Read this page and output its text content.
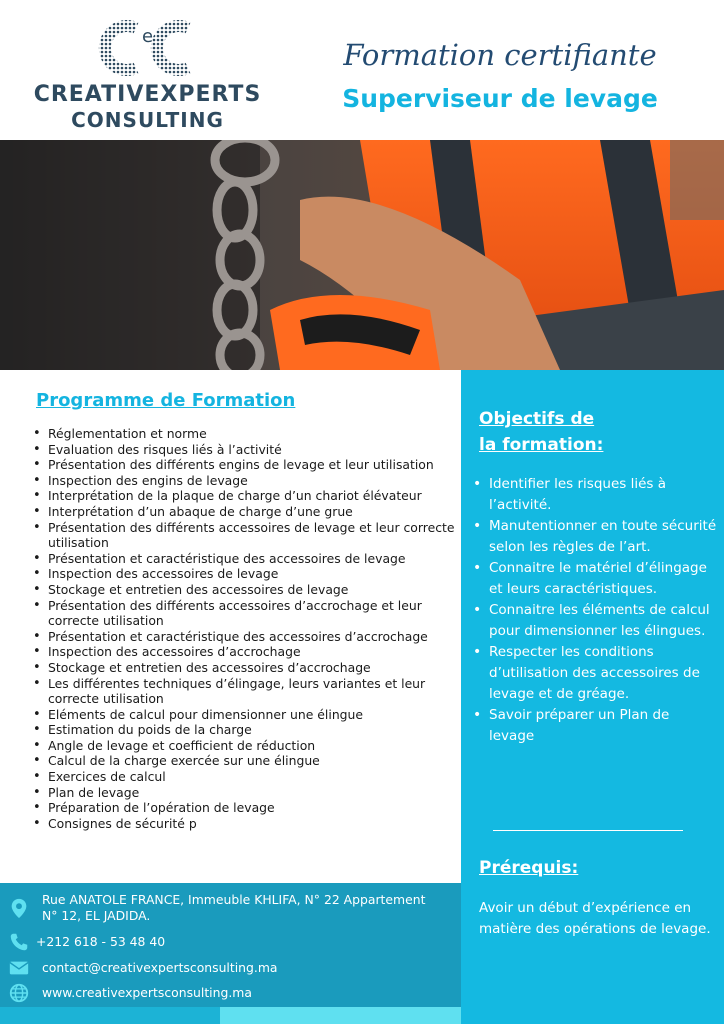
e
CREATIVEXPERTS
CONSULTING
Formation certifiante
Superviseur de levage
Programme de Formation
• Réglementation et norme
• Evaluation des risques liés à l’activité
• Présentation des différents engins de levage et leur utilisation
• Inspection des engins de levage
• Interprétation de la plaque de charge d’un chariot élévateur
• Interprétation d’un abaque de charge d’une grue
• Présentation des différents accessoires de levage et leur correcte utilisation
• Présentation et caractéristique des accessoires de levage
• Inspection des accessoires de levage
• Stockage et entretien des accessoires de levage
• Présentation des différents accessoires d’accrochage et leur correcte utilisation
• Présentation et caractéristique des accessoires d’accrochage
• Inspection des accessoires d’accrochage
• Stockage et entretien des accessoires d’accrochage
• Les différentes techniques d’élingage, leurs variantes et leur correcte utilisation
• Eléments de calcul pour dimensionner une élingue
• Estimation du poids de la charge
• Angle de levage et coefficient de réduction
• Calcul de la charge exercée sur une élingue
• Exercices de calcul
• Plan de levage
• Préparation de l’opération de levage
• Consignes de sécurité p
Objectifs de
la formation:
• Identifier les risques liés à l’activité.
• Manutentionner en toute sécurité selon les règles de l’art.
• Connaitre le matériel d’élingage et leurs caractéristiques.
• Connaitre les éléments de calcul pour dimensionner les élingues.
• Respecter les conditions d’utilisation des accessoires de levage et de gréage.
• Savoir préparer un Plan de levage
Prérequis:
Avoir un début d’expérience en matière des opérations de levage.
Rue ANATOLE FRANCE, Immeuble KHLIFA, N° 22 Appartement N° 12, EL JADIDA.
+212 618 - 53 48 40
contact@creativexpertsconsulting.ma
www.creativexpertsconsulting.ma
